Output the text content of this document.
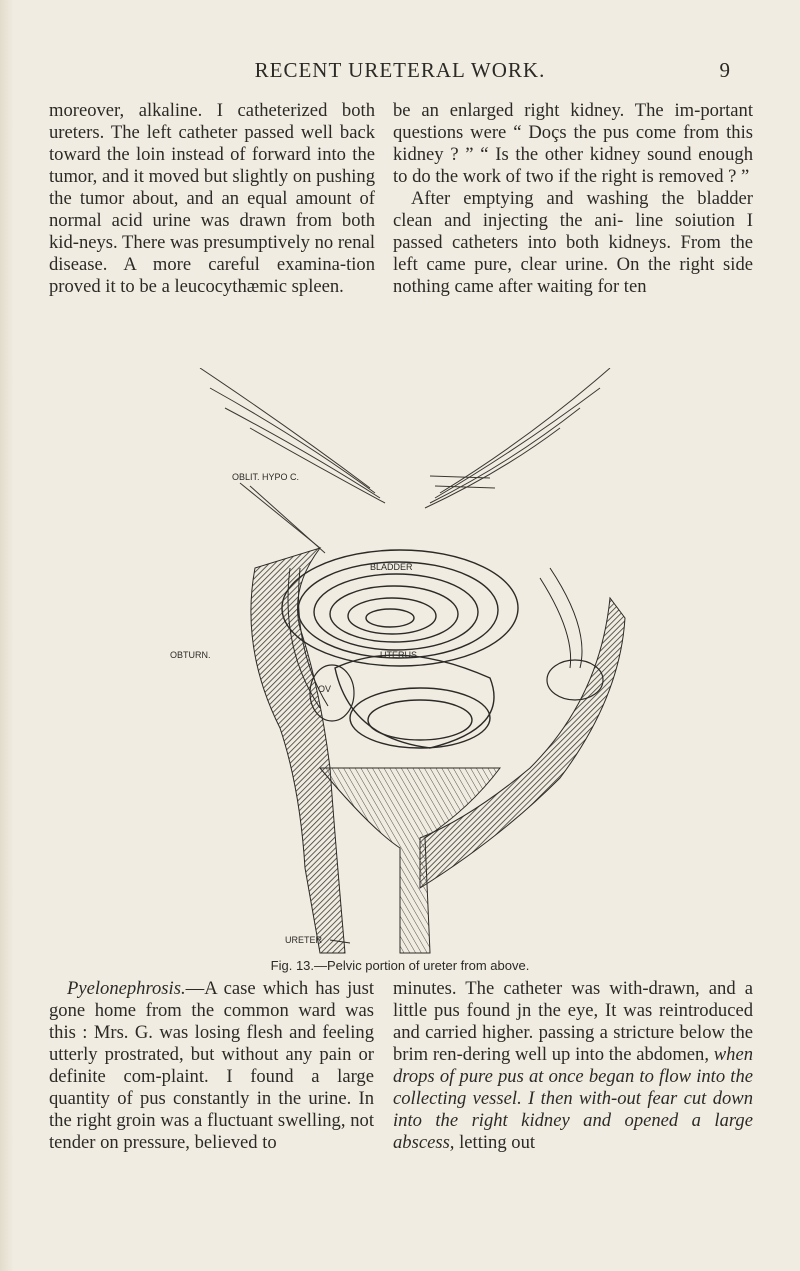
RECENT URETERAL WORK.	9

moreover, alkaline. I catheterized both ureters. The left catheter passed well back toward the loin instead of forward into the tumor, and it moved but slightly on pushing the tumor about, and an equal amount of normal acid urine was drawn from both kid-neys. There was presumptively no renal disease. A more careful examina-tion proved it to be a leucocythæmic spleen.

be an enlarged right kidney. The im-portant questions were “ Doçs the pus come from this kidney ? ” “ Is the other kidney sound enough to do the work of two if the right is removed ? ”

After emptying and washing the bladder clean and injecting the ani- line soiution I passed catheters into both kidneys. From the left came pure, clear urine. On the right side nothing came after waiting for ten

OBLIT. HYPO C.
BLADDER
OBTURN.	UTERUS
OV
URETER
Fig. 13.—Pelvic portion of ureter from above.

Pyelonephrosis.—A case which has just gone home from the common ward was this : Mrs. G. was losing flesh and feeling utterly prostrated, but without any pain or definite com-plaint. I found a large quantity of pus constantly in the urine. In the right groin was a fluctuant swelling, not tender on pressure, believed to

minutes. The catheter was with-drawn, and a little pus found jn the eye, It was reintroduced and carried higher. passing a stricture below the brim ren-dering well up into the abdomen, when drops of pure pus at once began to flow into the collecting vessel. I then with-out fear cut down into the right kidney and opened a large abscess, letting out
